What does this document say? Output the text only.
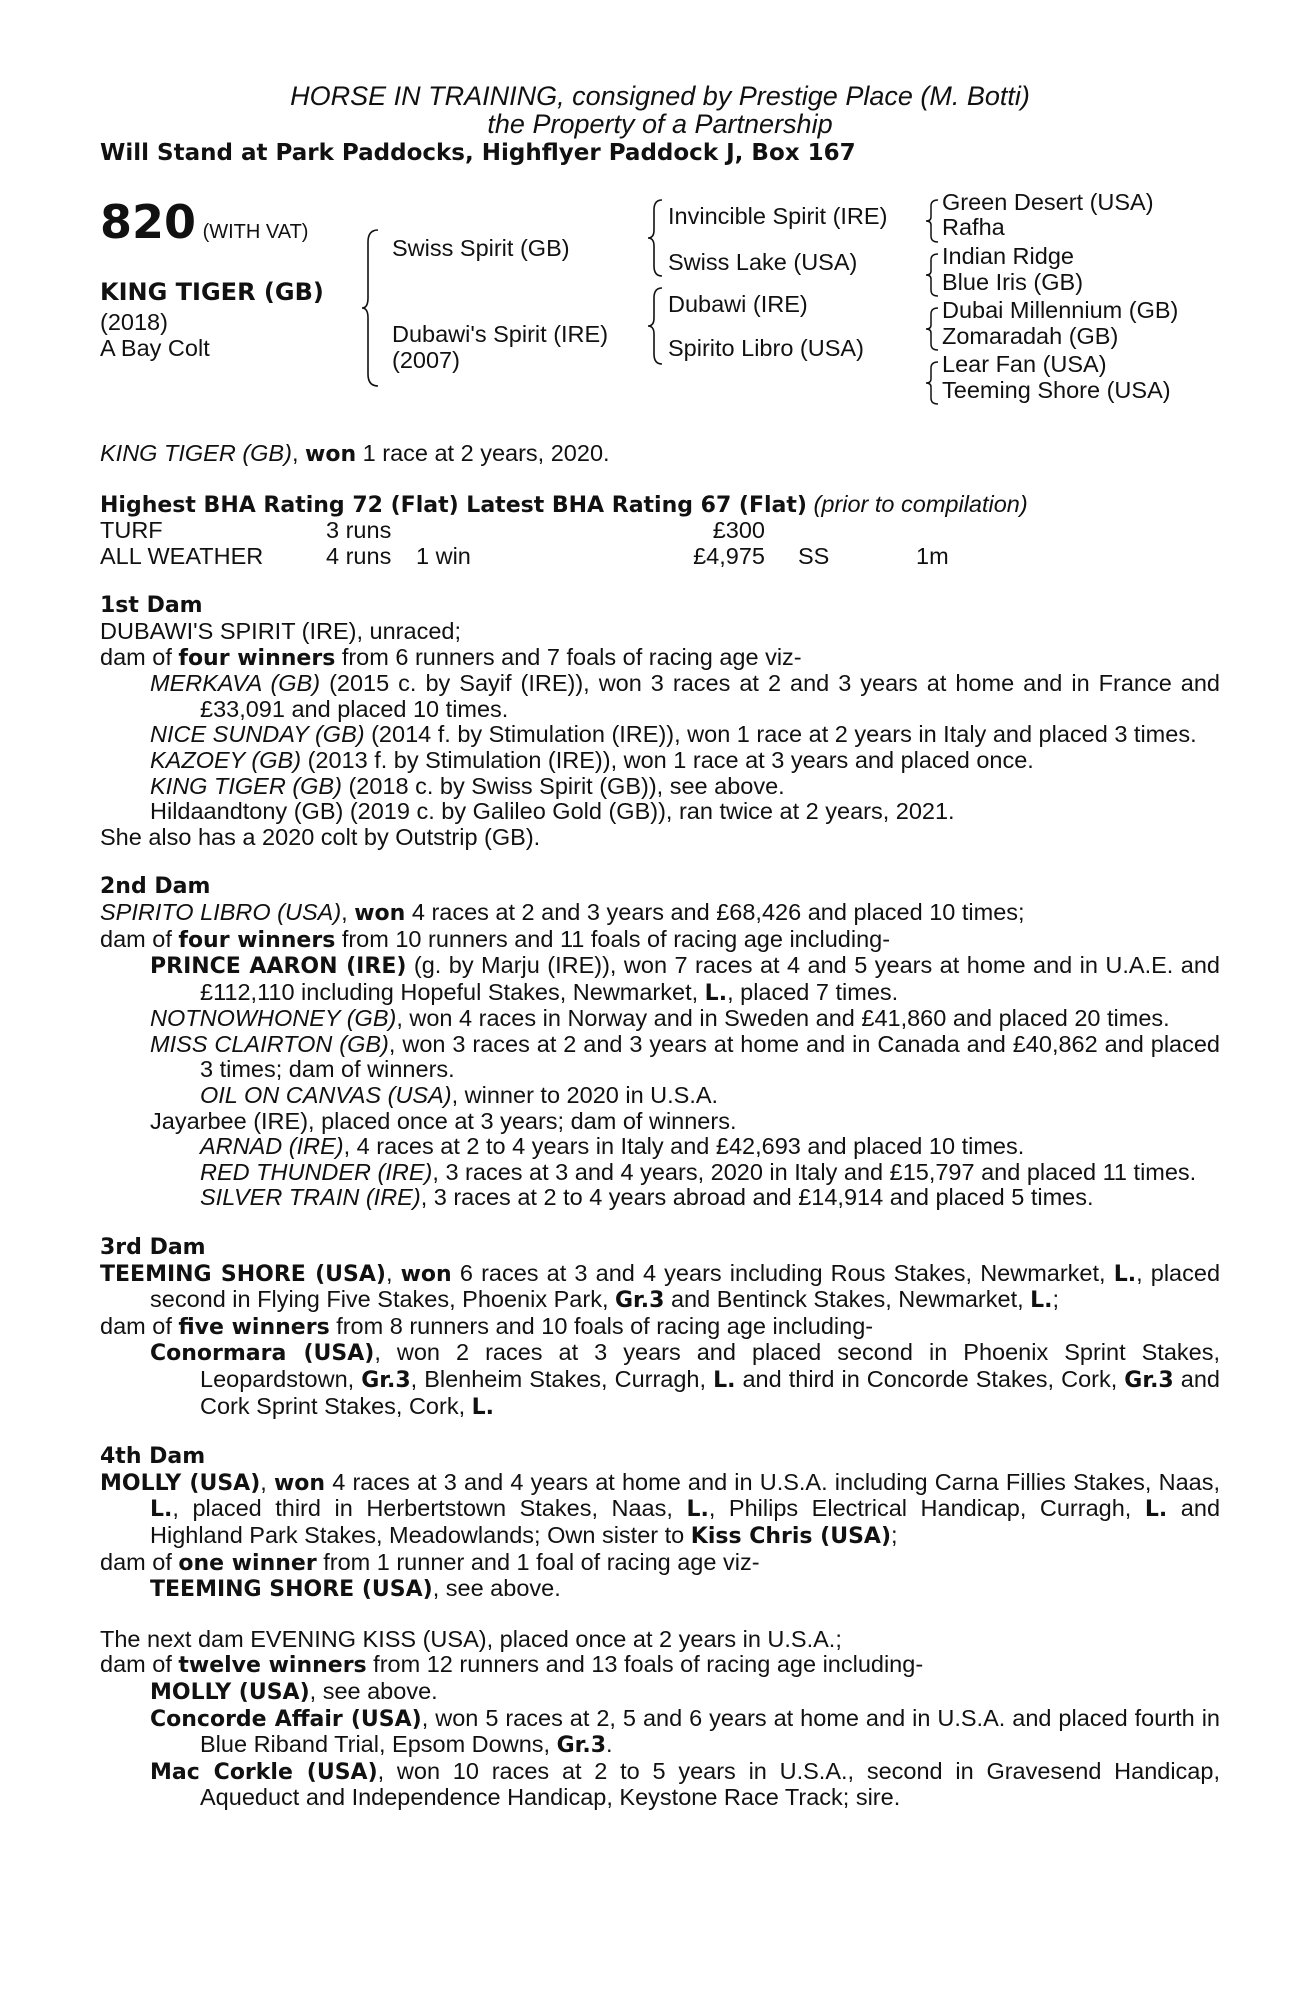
HORSE IN TRAINING, consigned by Prestige Place (M. Botti)
the Property of a Partnership
Will Stand at Park Paddocks, Highflyer Paddock J, Box 167
820 (WITH VAT)
KING TIGER (GB)
(2018)
A Bay Colt
Swiss Spirit (GB)
Dubawi's Spirit (IRE)
(2007)
Invincible Spirit (IRE)
Swiss Lake (USA)
Dubawi (IRE)
Spirito Libro (USA)
Green Desert (USA)
Rafha
Indian Ridge
Blue Iris (GB)
Dubai Millennium (GB)
Zomaradah (GB)
Lear Fan (USA)
Teeming Shore (USA)
KING TIGER (GB), won 1 race at 2 years, 2020.
Highest BHA Rating 72 (Flat) Latest BHA Rating 67 (Flat) (prior to compilation)
TURF	3 runs	£300
ALL WEATHER	4 runs 1 win	£4,975 SS	1m
1st Dam
DUBAWI'S SPIRIT (IRE), unraced;
dam of four winners from 6 runners and 7 foals of racing age viz-
MERKAVA (GB) (2015 c. by Sayif (IRE)), won 3 races at 2 and 3 years at home and in France and £33,091 and placed 10 times.
NICE SUNDAY (GB) (2014 f. by Stimulation (IRE)), won 1 race at 2 years in Italy and placed 3 times.
KAZOEY (GB) (2013 f. by Stimulation (IRE)), won 1 race at 3 years and placed once.
KING TIGER (GB) (2018 c. by Swiss Spirit (GB)), see above.
Hildaandtony (GB) (2019 c. by Galileo Gold (GB)), ran twice at 2 years, 2021.
She also has a 2020 colt by Outstrip (GB).
2nd Dam
SPIRITO LIBRO (USA), won 4 races at 2 and 3 years and £68,426 and placed 10 times;
dam of four winners from 10 runners and 11 foals of racing age including-
PRINCE AARON (IRE) (g. by Marju (IRE)), won 7 races at 4 and 5 years at home and in U.A.E. and £112,110 including Hopeful Stakes, Newmarket, L., placed 7 times.
NOTNOWHONEY (GB), won 4 races in Norway and in Sweden and £41,860 and placed 20 times.
MISS CLAIRTON (GB), won 3 races at 2 and 3 years at home and in Canada and £40,862 and placed 3 times; dam of winners.
OIL ON CANVAS (USA), winner to 2020 in U.S.A.
Jayarbee (IRE), placed once at 3 years; dam of winners.
ARNAD (IRE), 4 races at 2 to 4 years in Italy and £42,693 and placed 10 times.
RED THUNDER (IRE), 3 races at 3 and 4 years, 2020 in Italy and £15,797 and placed 11 times.
SILVER TRAIN (IRE), 3 races at 2 to 4 years abroad and £14,914 and placed 5 times.
3rd Dam
TEEMING SHORE (USA), won 6 races at 3 and 4 years including Rous Stakes, Newmarket, L., placed second in Flying Five Stakes, Phoenix Park, Gr.3 and Bentinck Stakes, Newmarket, L.;
dam of five winners from 8 runners and 10 foals of racing age including-
Conormara (USA), won 2 races at 3 years and placed second in Phoenix Sprint Stakes, Leopardstown, Gr.3, Blenheim Stakes, Curragh, L. and third in Concorde Stakes, Cork, Gr.3 and Cork Sprint Stakes, Cork, L.
4th Dam
MOLLY (USA), won 4 races at 3 and 4 years at home and in U.S.A. including Carna Fillies Stakes, Naas, L., placed third in Herbertstown Stakes, Naas, L., Philips Electrical Handicap, Curragh, L. and Highland Park Stakes, Meadowlands; Own sister to Kiss Chris (USA);
dam of one winner from 1 runner and 1 foal of racing age viz-
TEEMING SHORE (USA), see above.
The next dam EVENING KISS (USA), placed once at 2 years in U.S.A.;
dam of twelve winners from 12 runners and 13 foals of racing age including-
MOLLY (USA), see above.
Concorde Affair (USA), won 5 races at 2, 5 and 6 years at home and in U.S.A. and placed fourth in Blue Riband Trial, Epsom Downs, Gr.3.
Mac Corkle (USA), won 10 races at 2 to 5 years in U.S.A., second in Gravesend Handicap, Aqueduct and Independence Handicap, Keystone Race Track; sire.
